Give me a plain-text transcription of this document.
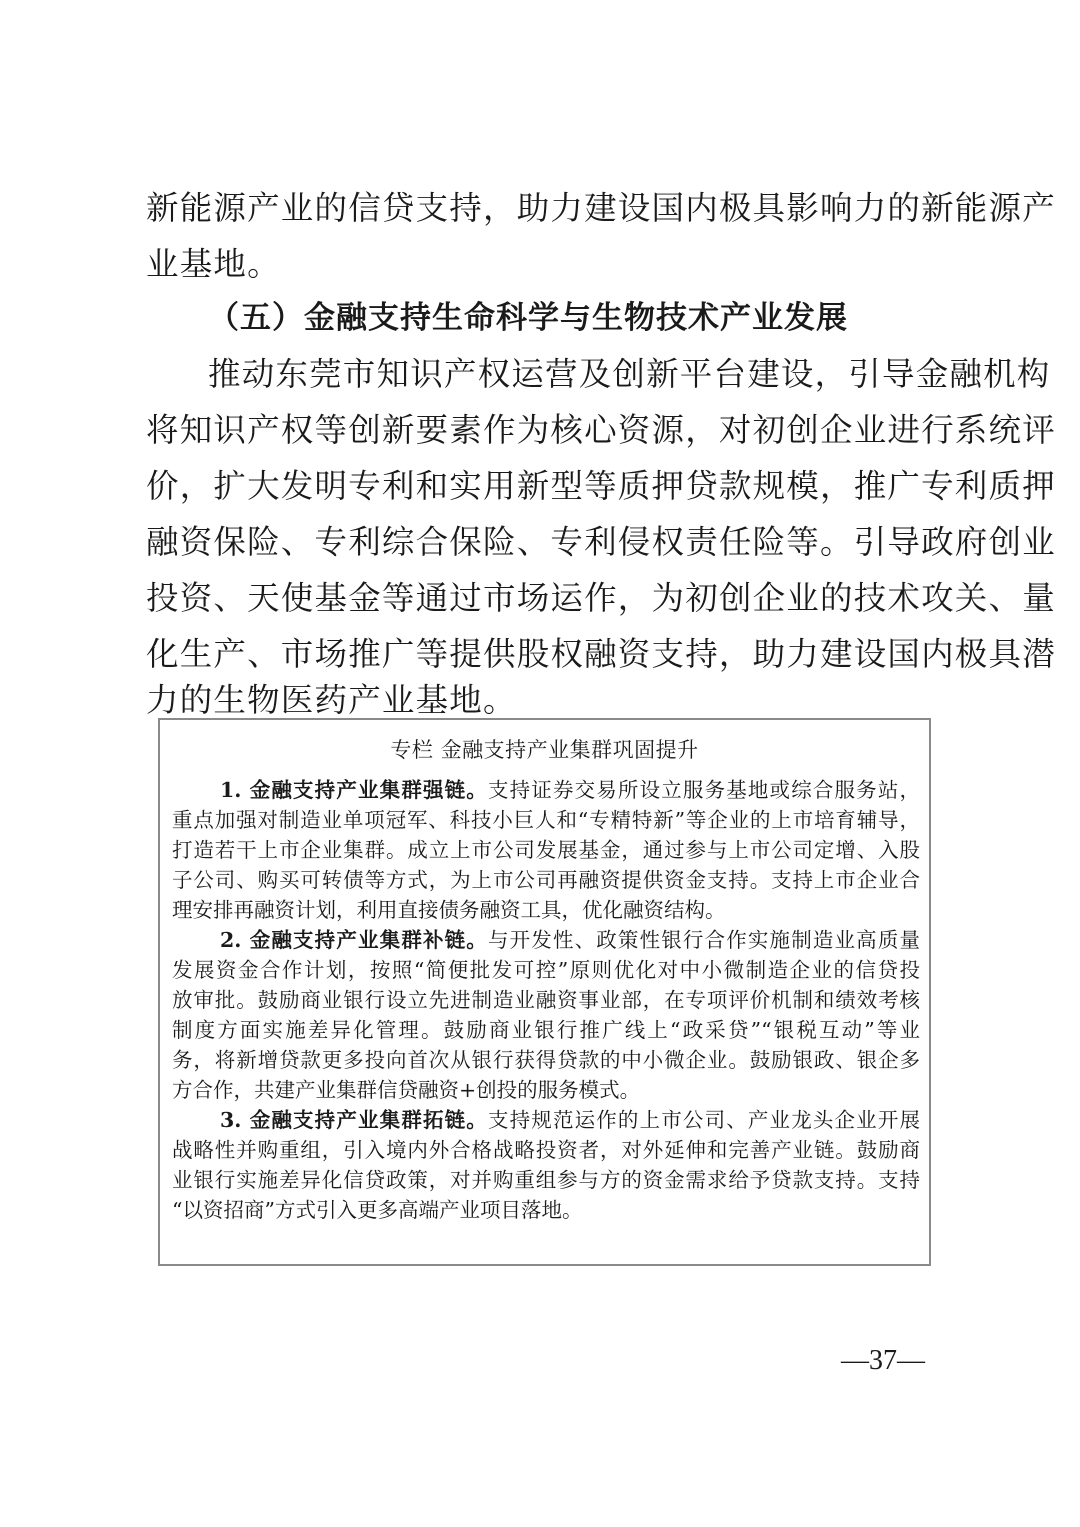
新能源产业的信贷支持，助力建设国内极具影响力的新能源产
业基地。
（五）金融支持生命科学与生物技术产业发展
推动东莞市知识产权运营及创新平台建设，引导金融机构
将知识产权等创新要素作为核心资源，对初创企业进行系统评
价，扩大发明专利和实用新型等质押贷款规模，推广专利质押
融资保险、专利综合保险、专利侵权责任险等。引导政府创业
投资、天使基金等通过市场运作，为初创企业的技术攻关、量
化生产、市场推广等提供股权融资支持，助力建设国内极具潜
力的生物医药产业基地。
专栏 金融支持产业集群巩固提升
1. 金融支持产业集群强链。支持证券交易所设立服务基地或综合服务站，
重点加强对制造业单项冠军、科技小巨人和“专精特新”等企业的上市培育辅导，
打造若干上市企业集群。成立上市公司发展基金，通过参与上市公司定增、入股
子公司、购买可转债等方式，为上市公司再融资提供资金支持。支持上市企业合
理安排再融资计划，利用直接债务融资工具，优化融资结构。
2. 金融支持产业集群补链。与开发性、政策性银行合作实施制造业高质量
发展资金合作计划，按照“简便批发可控”原则优化对中小微制造企业的信贷投
放审批。鼓励商业银行设立先进制造业融资事业部，在专项评价机制和绩效考核
制度方面实施差异化管理。鼓励商业银行推广线上“政采贷”“银税互动”等业
务，将新增贷款更多投向首次从银行获得贷款的中小微企业。鼓励银政、银企多
方合作，共建产业集群信贷融资+创投的服务模式。
3. 金融支持产业集群拓链。支持规范运作的上市公司、产业龙头企业开展
战略性并购重组，引入境内外合格战略投资者，对外延伸和完善产业链。鼓励商
业银行实施差异化信贷政策，对并购重组参与方的资金需求给予贷款支持。支持
“以资招商”方式引入更多高端产业项目落地。
—37—
